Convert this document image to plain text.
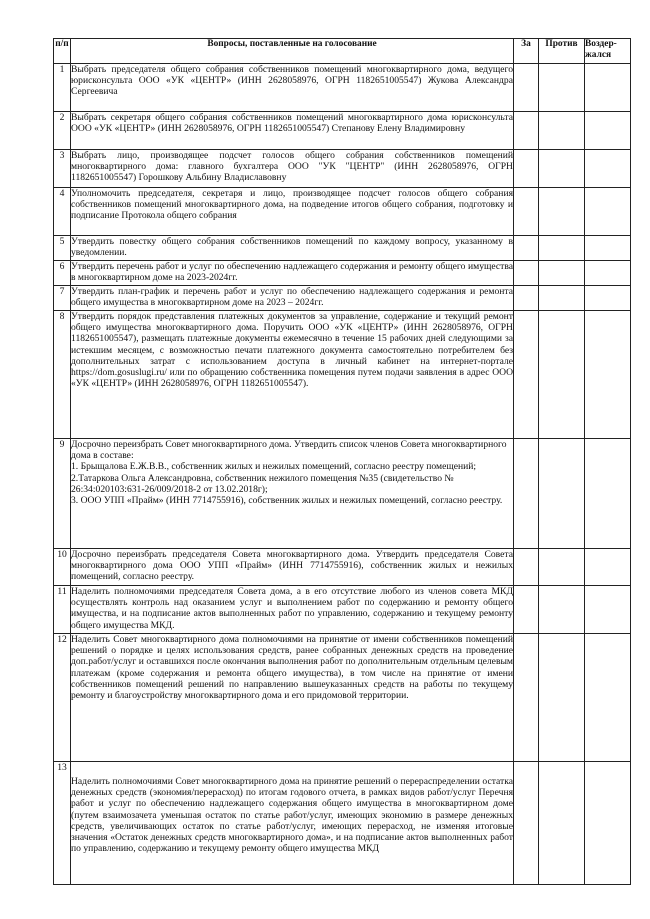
п/п	Вопросы, поставленные на голосование	За	Против	Воздер-
жался
1	Выбрать председателя общего собрания собственников помещений многоквартирного дома, ведущего юрисконсульта ООО «УК «ЦЕНТР» (ИНН 2628058976, ОГРН 1182651005547) Жукова Александра Сергеевича			

2	Выбрать секретаря общего собрания собственников помещений многоквартирного дома юрисконсульта ООО «УК «ЦЕНТР» (ИНН 2628058976, ОГРН 1182651005547) Степанову Елену Владимировну			

3	Выбрать лицо, производящее подсчет голосов общего собрания собственников помещений многоквартирного дома: главного бухгалтера ООО "УК "ЦЕНТР" (ИНН 2628058976, ОГРН 1182651005547) Горошкову Альбину Владиславовну			

4	Уполномочить председателя, секретаря и лицо, производящее подсчет голосов общего собрания собственников помещений многоквартирного дома, на подведение итогов общего собрания, подготовку и подписание Протокола общего собрания			

5	Утвердить повестку общего собрания собственников помещений по каждому вопросу, указанному в уведомлении.			

6	Утвердить перечень работ и услуг по обеспечению надлежащего содержания и ремонту общего имущества в многоквартирном доме на 2023-2024гг.			

7	Утвердить план-график и перечень работ и услуг по обеспечению надлежащего содержания и ремонта общего имущества в многоквартирном доме на 2023 – 2024гг.			

8	Утвердить порядок представления платежных документов за управление, содержание и текущий ремонт общего имущества многоквартирного дома. Поручить ООО «УК «ЦЕНТР» (ИНН 2628058976, ОГРН 1182651005547), размещать платежные документы ежемесячно в течение 15 рабочих дней следующими за истекшим месяцем, с возможностью печати платежного документа самостоятельно потребителем без дополнительных затрат с использованием доступа в личный кабинет на интернет-портале https://dom.gosuslugi.ru/ или по обращению собственника помещения путем подачи заявления в адрес ООО «УК «ЦЕНТР» (ИНН 2628058976, ОГРН 1182651005547).			

9	Досрочно переизбрать Совет многоквартирного дома. Утвердить список членов Совета многоквартирного дома в составе:

1. Брыщалова Е.Ж.В.В., собственник жилых и нежилых помещений, согласно реестру помещений;

2.Татаркова Ольга Александровна, собственник нежилого помещения №35 (свидетельство № 26:34:020103:631-26/009/2018-2 от 13.02.2018г);

3. ООО УПП «Прайм» (ИНН 7714755916), собственник жилых и нежилых помещений, согласно реестру.			

10	Досрочно переизбрать председателя Совета многоквартирного дома. Утвердить председателя Совета многоквартирного дома ООО УПП «Прайм» (ИНН 7714755916), собственник жилых и нежилых помещений, согласно реестру.			

11	Наделить полномочиями председателя Совета дома, а в его отсутствие любого из членов совета МКД осуществлять контроль над оказанием услуг и выполнением работ по содержанию и ремонту общего имущества, и на подписание актов выполненных работ по управлению, содержанию и текущему ремонту общего имущества МКД.			

12	Наделить Совет многоквартирного дома полномочиями на принятие от имени собственников помещений решений о порядке и целях использования средств, ранее собранных денежных средств на проведение доп.работ/услуг и оставшихся после окончания выполнения работ по дополнительным отдельным целевым платежам (кроме содержания и ремонта общего имущества), в том числе на принятие от имени собственников помещений решений по направлению вышеуказанных средств на работы по текущему ремонту и благоустройству многоквартирного дома и его придомовой территории.			

13	Наделить полномочиями Совет многоквартирного дома на принятие решений о перераспределении остатка денежных средств (экономия/перерасход) по итогам годового отчета, в рамках видов работ/услуг Перечня работ и услуг по обеспечению надлежащего содержания общего имущества в многоквартирном доме (путем взаимозачета уменьшая остаток по статье работ/услуг, имеющих экономию в размере денежных средств, увеличивающих остаток по статье работ/услуг, имеющих перерасход, не изменяя итоговые значения «Остаток денежных средств многоквартирного дома», и на подписание актов выполненных работ по управлению, содержанию и текущему ремонту общего имущества МКД			
